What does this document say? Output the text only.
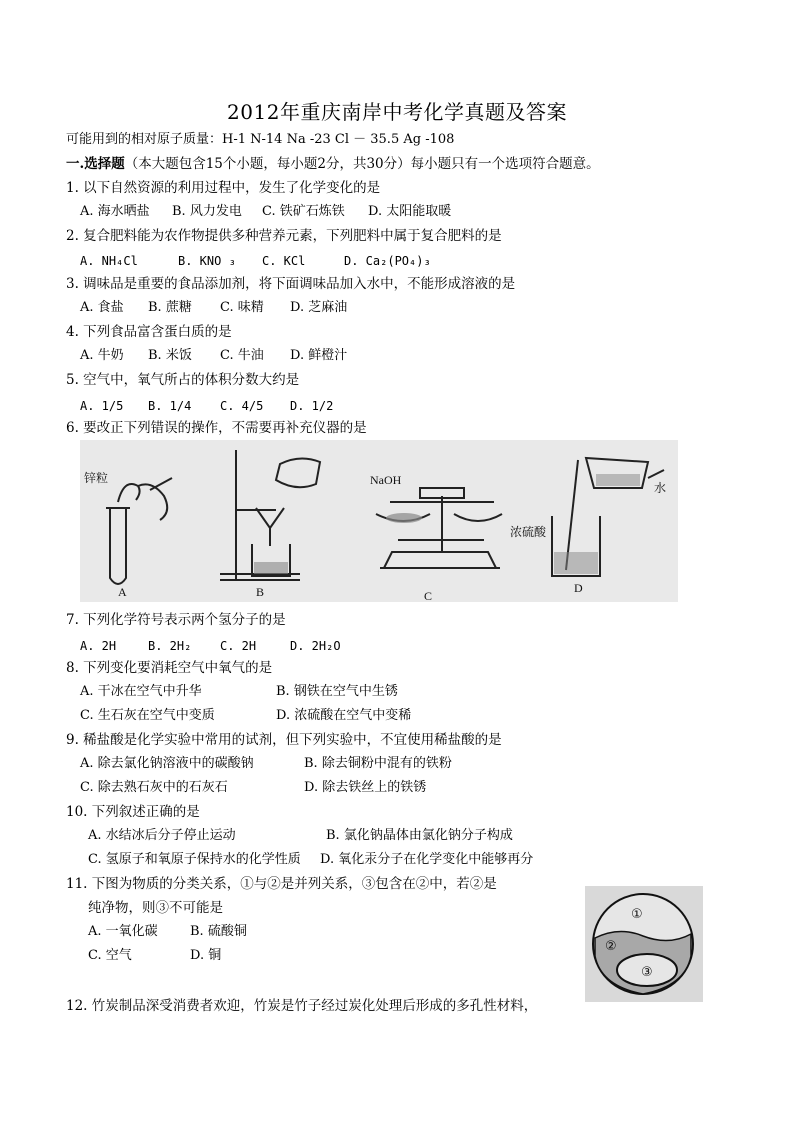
2012年重庆南岸中考化学真题及答案
可能用到的相对原子质量：H-1 N-14 Na -23 Cl － 35.5 Ag -108
一.选择题（本大题包含15个小题，每小题2分，共30分）每小题只有一个选项符合题意。
1. 以下自然资源的利用过程中，发生了化学变化的是
A. 海水晒盐 B. 风力发电 C. 铁矿石炼铁 D. 太阳能取暖
2. 复合肥料能为农作物提供多种营养元素，下列肥料中属于复合肥料的是
A. NH₄Cl	B. KNO ₃ C. KCl	D. Ca₂(PO₄)₃
3. 调味品是重要的食品添加剂，将下面调味品加入水中，不能形成溶液的是
A. 食盐 B. 蔗糖 C. 味精 D. 芝麻油
4. 下列食品富含蛋白质的是
A. 牛奶 B. 米饭 C. 牛油 D. 鲜橙汁
5. 空气中，氧气所占的体积分数大约是
A. 1/5 B. 1/4 C. 4/5 D. 1/2
6. 要改正下列错误的操作，不需要再补充仪器的是
锌粒	NaOH
水
浓硫酸
A	B	C
D
7. 下列化学符号表示两个氢分子的是
A. 2H	B. 2H₂ C. 2H	D. 2H₂O
8. 下列变化要消耗空气中氧气的是
A. 干冰在空气中升华	B. 钢铁在空气中生锈
C. 生石灰在空气中变质	D. 浓硫酸在空气中变稀
9. 稀盐酸是化学实验中常用的试剂，但下列实验中，不宜使用稀盐酸的是
A. 除去氯化钠溶液中的碳酸钠	B. 除去铜粉中混有的铁粉
C. 除去熟石灰中的石灰石	D. 除去铁丝上的铁锈
10. 下列叙述正确的是
A. 水结冰后分子停止运动	B. 氯化钠晶体由氯化钠分子构成
C. 氢原子和氧原子保持水的化学性质 D. 氧化汞分子在化学变化中能够再分
11. 下图为物质的分类关系，①与②是并列关系，③包含在②中，若②是
纯净物，则③不可能是
A. 一氧化碳 B. 硫酸铜
C. 空气	D. 铜
①
②
③
12. 竹炭制品深受消费者欢迎，竹炭是竹子经过炭化处理后形成的多孔性材料，
